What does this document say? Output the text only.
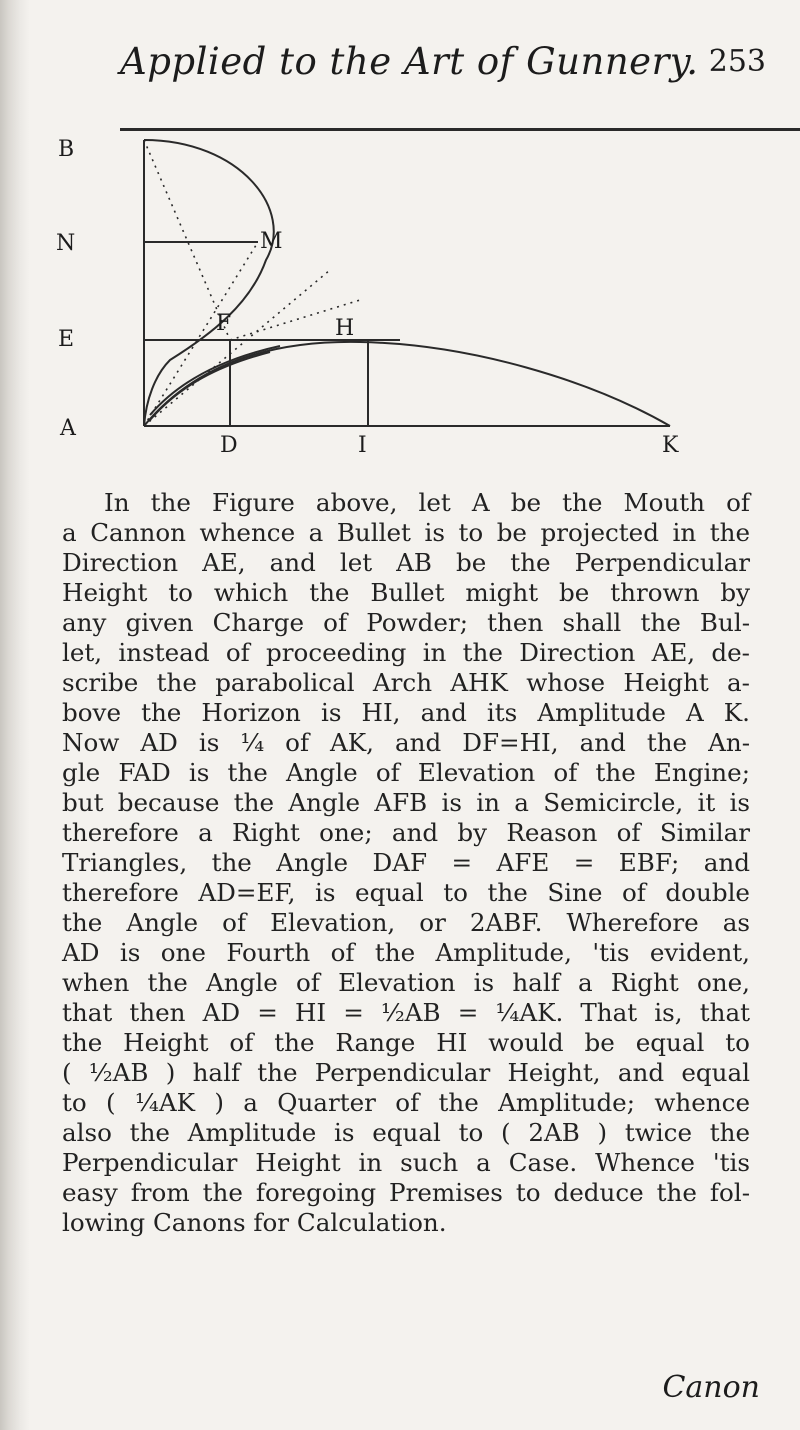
Applied to the Art of Gunnery. 253
B
N
E
A
M
F	H
D	I	K
In the Figure above, let A be the Mouth of
a Cannon whence a Bullet is to be projected in the
Direction AE, and let AB be the Perpendicular
Height to which the Bullet might be thrown by
any given Charge of Powder; then shall the Bul-
let, instead of proceeding in the Direction AE, de-
scribe the parabolical Arch AHK whose Height a-
bove the Horizon is HI, and its Amplitude A K.
Now AD is ¼ of AK, and DF=HI, and the An-
gle FAD is the Angle of Elevation of the Engine;
but because the Angle AFB is in a Semicircle, it is
therefore a Right one; and by Reason of Similar
Triangles, the Angle DAF = AFE = EBF; and
therefore AD=EF, is equal to the Sine of double
the Angle of Elevation, or 2ABF. Wherefore as
AD is one Fourth of the Amplitude, 'tis evident,
when the Angle of Elevation is half a Right one,
that then AD = HI = ½AB = ¼AK. That is, that
the Height of the Range HI would be equal to
( ½AB ) half the Perpendicular Height, and equal
to ( ¼AK ) a Quarter of the Amplitude; whence
also the Amplitude is equal to ( 2AB ) twice the
Perpendicular Height in such a Case. Whence 'tis
easy from the foregoing Premises to deduce the fol-
lowing Canons for Calculation.
Canon
